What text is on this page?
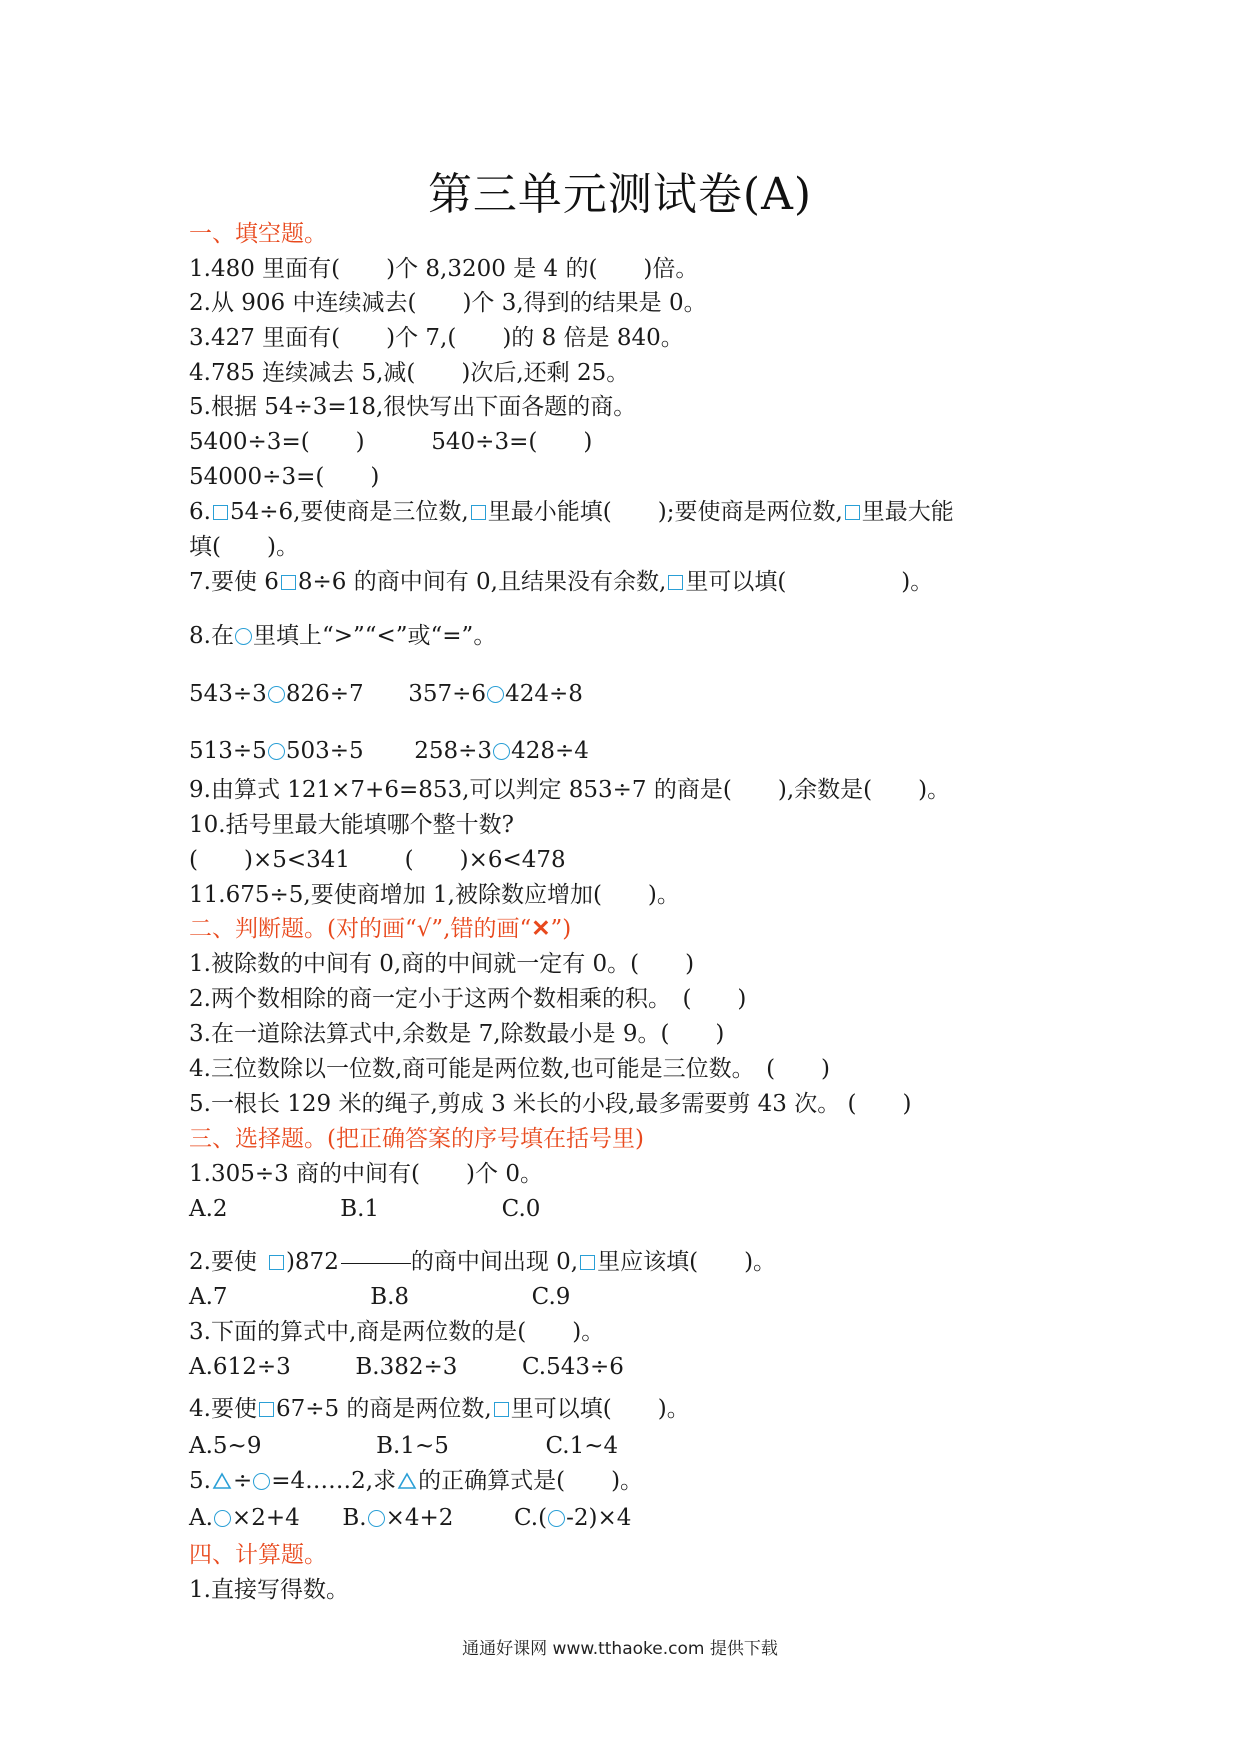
第三单元测试卷(A)
一、填空题。
1.480 里面有(　　)个 8,3200 是 4 的(　　)倍。
2.从 906 中连续减去(　　)个 3,得到的结果是 0。
3.427 里面有(　　)个 7,(　　)的 8 倍是 840。
4.785 连续减去 5,减(　　)次后,还剩 25。
5.根据 54÷3=18,很快写出下面各题的商。
5400÷3=(　　)	540÷3=(　　)
54000÷3=(　　)
6. 54÷6,要使商是三位数, 里最小能填(　　);要使商是两位数, 里最大能
填(　　)。
7.要使 6 8÷6 的商中间有 0,且结果没有余数, 里可以填(　　　　　)。
8.在 里填上“>”“<”或“=”。
543÷3 826÷7 357÷6 424÷8
513÷5 503÷5 258÷3 428÷4
9.由算式 121×7+6=853,可以判定 853÷7 的商是(　　),余数是(　　)。
10.括号里最大能填哪个整十数?
(　　)×5<341 (　　)×6<478
11.675÷5,要使商增加 1,被除数应增加(　　)。
二、判断题。(对的画“√”,错的画“✕”)
1.被除数的中间有 0,商的中间就一定有 0。(　　)
2.两个数相除的商一定小于这两个数相乘的积。　(　　)
3.在一道除法算式中,余数是 7,除数最小是 9。(　　)
4.三位数除以一位数,商可能是两位数,也可能是三位数。　(　　)
5.一根长 129 米的绳子,剪成 3 米长的小段,最多需要剪 43 次。 (　　)
三、选择题。(把正确答案的序号填在括号里)
1.305÷3 商的中间有(　　)个 0。
A.2	B.1	C.0
2.要使 )872	的商中间出现 0, 里应该填(　　)。
A.7	B.8	C.9
3.下面的算式中,商是两位数的是(　　)。
A.612÷3	B.382÷3	C.543÷6
4.要使 67÷5 的商是两位数, 里可以填(　　)。
A.5~9	B.1~5	C.1~4
5. ÷ =4……2,求 的正确算式是(　　)。
A. ×2+4 B. ×4+2	C.( -2)×4
四、计算题。
1.直接写得数。
通通好课网 www.tthaoke.com 提供下载
